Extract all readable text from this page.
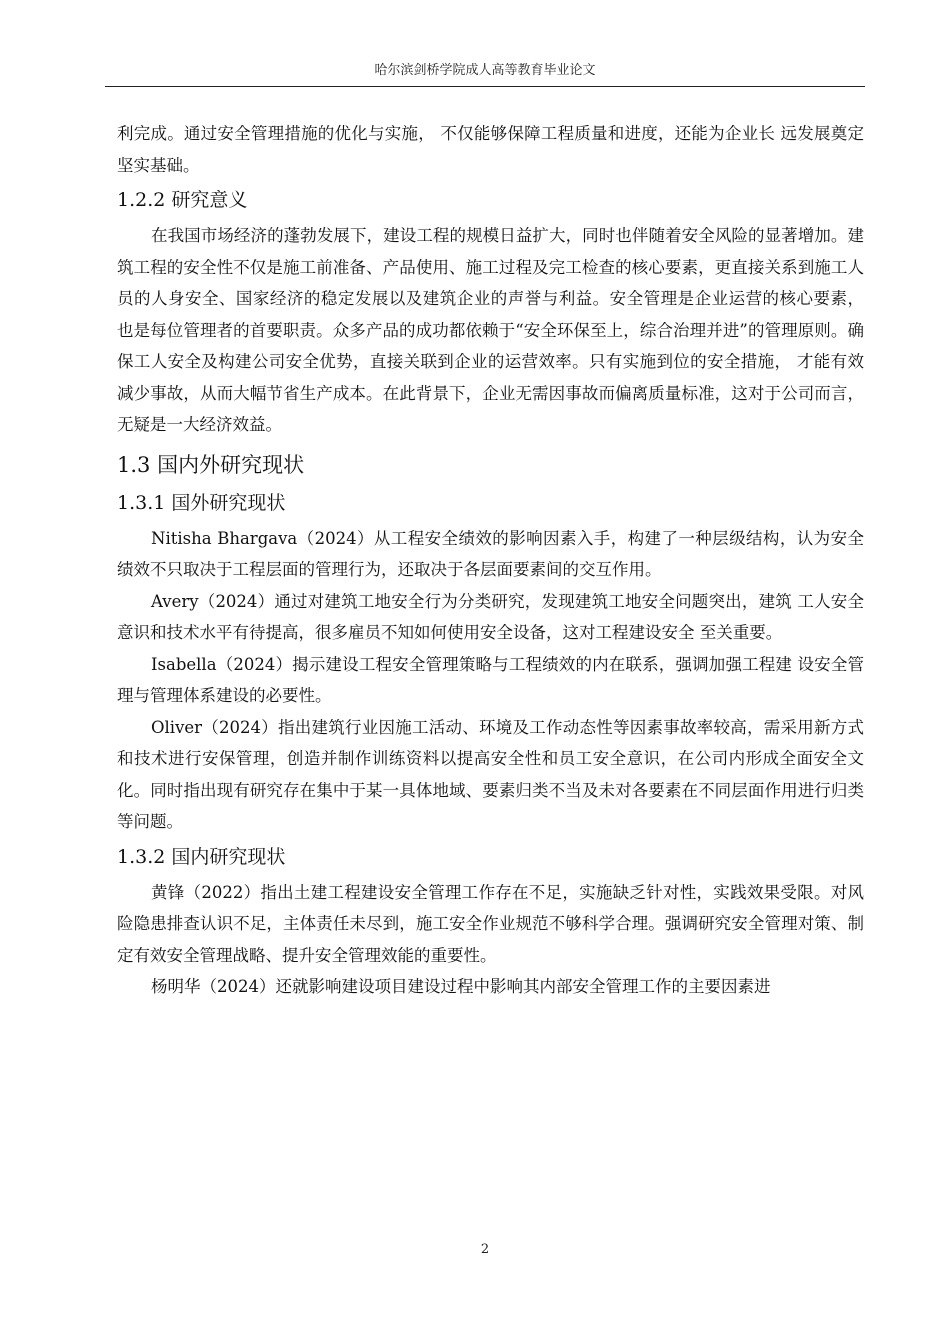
哈尔滨剑桥学院成人高等教育毕业论文

利完成。通过安全管理措施的优化与实施， 不仅能够保障工程质量和进度，还能为企业长 远发展奠定坚实基础。

1.2.2 研究意义

在我国市场经济的蓬勃发展下，建设工程的规模日益扩大，同时也伴随着安全风险的显著增加。建筑工程的安全性不仅是施工前准备、产品使用、施工过程及完工检查的核心要素，更直接关系到施工人员的人身安全、国家经济的稳定发展以及建筑企业的声誉与利益。安全管理是企业运营的核心要素， 也是每位管理者的首要职责。众多产品的成功都依赖于“安全环保至上，综合治理并进”的管理原则。确保工人安全及构建公司安全优势，直接关联到企业的运营效率。只有实施到位的安全措施， 才能有效减少事故，从而大幅节省生产成本。在此背景下，企业无需因事故而偏离质量标准，这对于公司而言，无疑是一大经济效益。

1.3 国内外研究现状
1.3.1 国外研究现状

Nitisha Bhargava（2024）从工程安全绩效的影响因素入手，构建了一种层级结构，认为安全绩效不只取决于工程层面的管理行为，还取决于各层面要素间的交互作用。

Avery（2024）通过对建筑工地安全行为分类研究，发现建筑工地安全问题突出，建筑 工人安全意识和技术水平有待提高，很多雇员不知如何使用安全设备，这对工程建设安全 至关重要。

Isabella（2024）揭示建设工程安全管理策略与工程绩效的内在联系，强调加强工程建 设安全管理与管理体系建设的必要性。

Oliver（2024）指出建筑行业因施工活动、环境及工作动态性等因素事故率较高，需采用新方式和技术进行安保管理，创造并制作训练资料以提高安全性和员工安全意识，在公司内形成全面安全文化。同时指出现有研究存在集中于某一具体地域、要素归类不当及未对各要素在不同层面作用进行归类等问题。

1.3.2 国内研究现状

黄锋（2022）指出土建工程建设安全管理工作存在不足，实施缺乏针对性，实践效果受限。对风险隐患排查认识不足，主体责任未尽到，施工安全作业规范不够科学合理。强调研究安全管理对策、制定有效安全管理战略、提升安全管理效能的重要性。

杨明华（2024）还就影响建设项目建设过程中影响其内部安全管理工作的主要因素进

2
